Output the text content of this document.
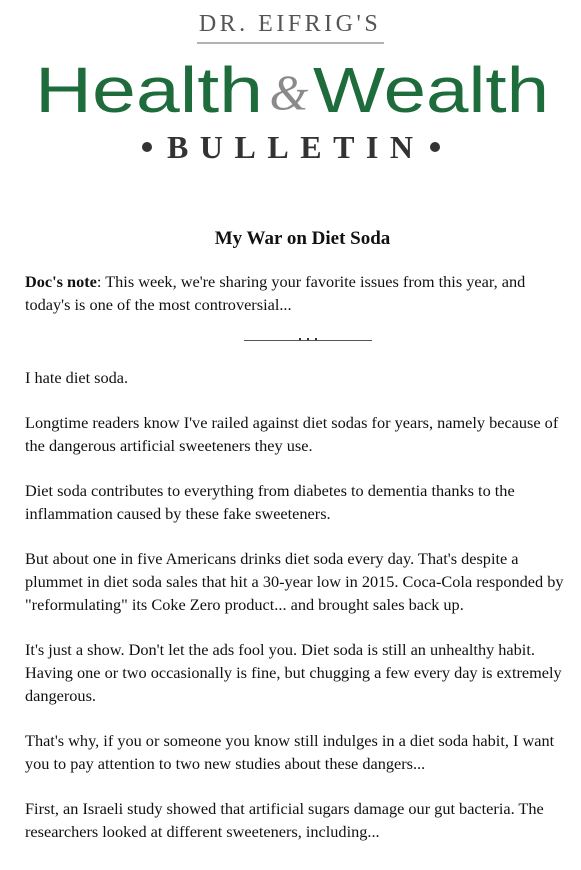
DR. EIFRIG'S
Health & Wealth
BULLETIN
My War on Diet Soda

Doc's note: This week, we're sharing your favorite issues from this year, and today's is one of the most controversial...

I hate diet soda.

Longtime readers know I've railed against diet sodas for years, namely because of the dangerous artificial sweeteners they use.

Diet soda contributes to everything from diabetes to dementia thanks to the inflammation caused by these fake sweeteners.

But about one in five Americans drinks diet soda every day. That's despite a plummet in diet soda sales that hit a 30-year low in 2015. Coca-Cola responded by "reformulating" its Coke Zero product... and brought sales back up.

It's just a show. Don't let the ads fool you. Diet soda is still an unhealthy habit. Having one or two occasionally is fine, but chugging a few every day is extremely dangerous.

That's why, if you or someone you know still indulges in a diet soda habit, I want you to pay attention to two new studies about these dangers...

First, an Israeli study showed that artificial sugars damage our gut bacteria. The researchers looked at different sweeteners, including...
